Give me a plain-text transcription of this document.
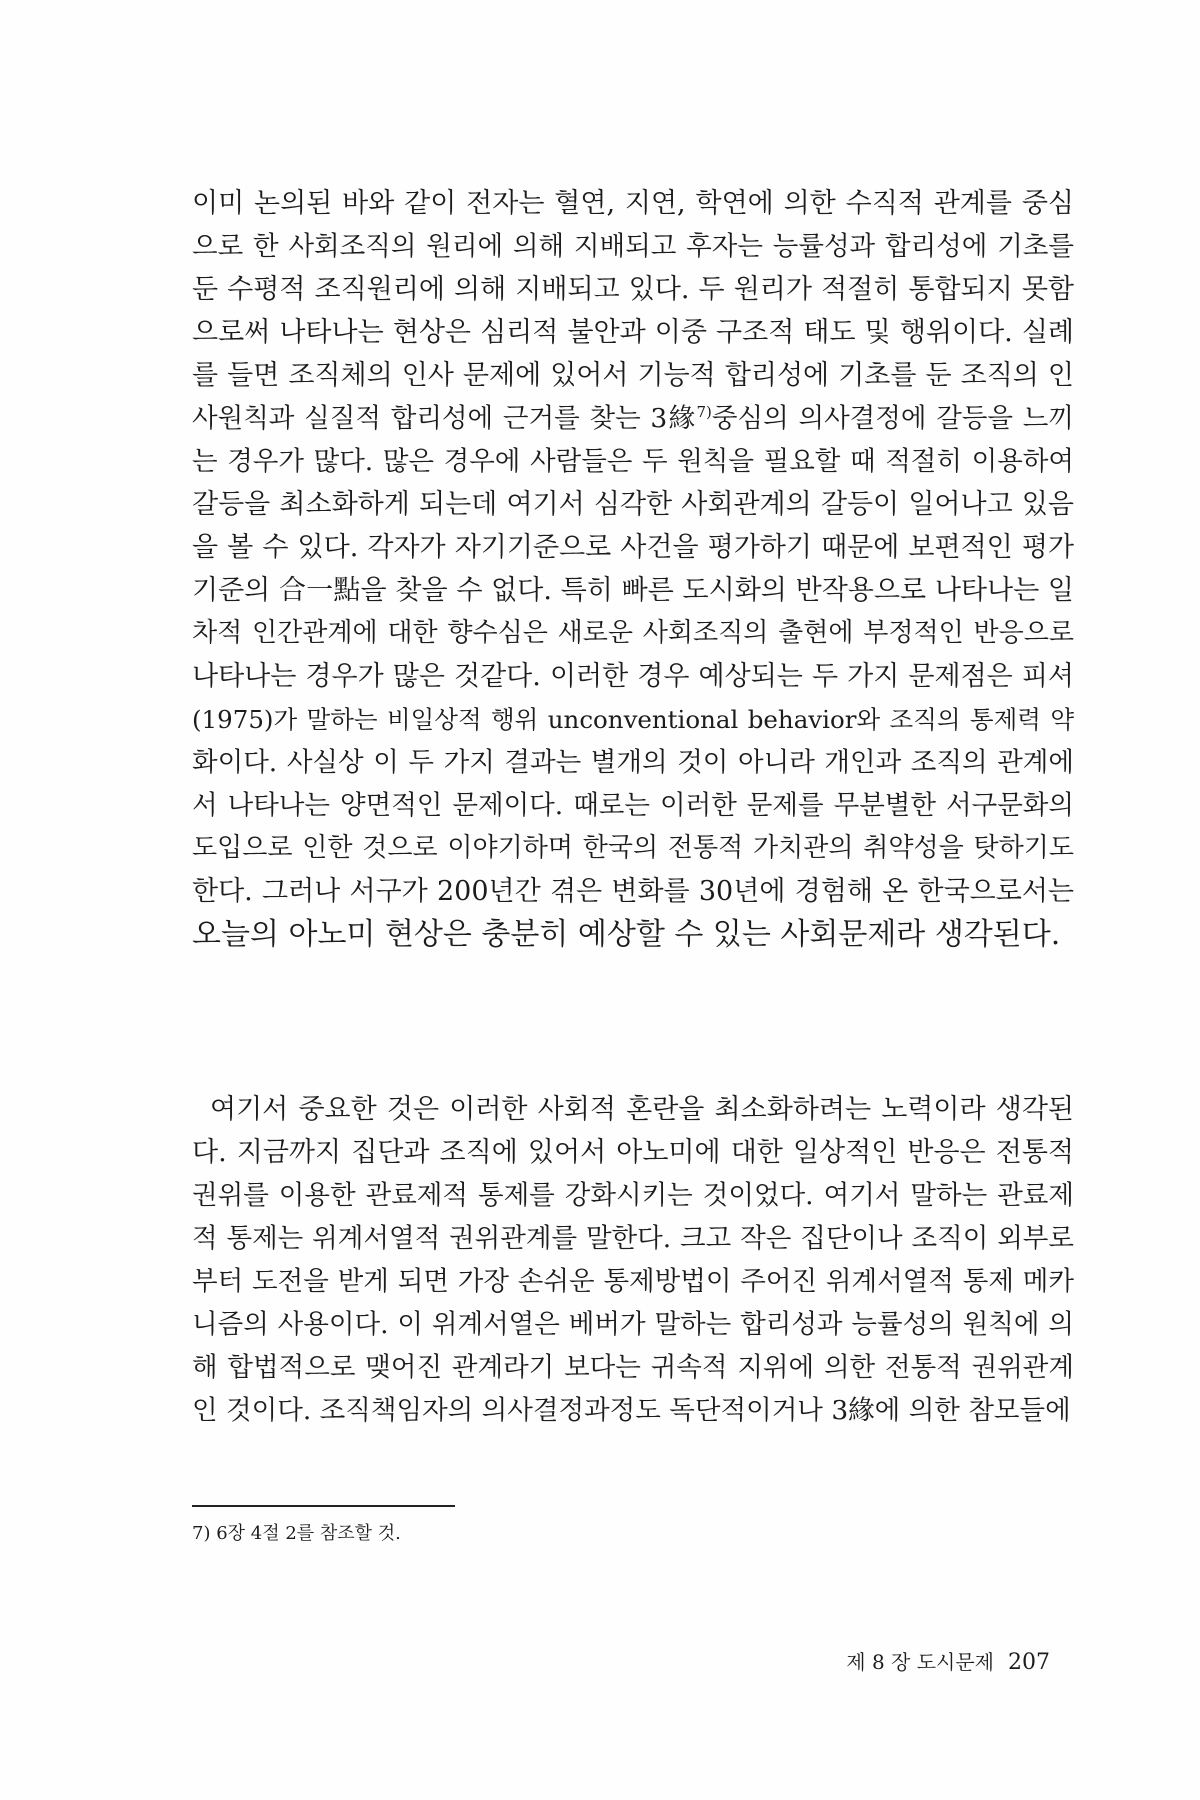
이미 논의된 바와 같이 전자는 혈연, 지연, 학연에 의한 수직적 관계를 중심
으로 한 사회조직의 원리에 의해 지배되고 후자는 능률성과 합리성에 기초를
둔 수평적 조직원리에 의해 지배되고 있다. 두 원리가 적절히 통합되지 못함
으로써 나타나는 현상은 심리적 불안과 이중 구조적 태도 및 행위이다. 실례
를 들면 조직체의 인사 문제에 있어서 기능적 합리성에 기초를 둔 조직의 인
사원칙과 실질적 합리성에 근거를 찾는 3緣$^{7)}$중심의 의사결정에 갈등을 느끼
는 경우가 많다. 많은 경우에 사람들은 두 원칙을 필요할 때 적절히 이용하여
갈등을 최소화하게 되는데 여기서 심각한 사회관계의 갈등이 일어나고 있음
을 볼 수 있다. 각자가 자기기준으로 사건을 평가하기 때문에 보편적인 평가
기준의 合一點을 찾을 수 없다. 특히 빠른 도시화의 반작용으로 나타나는 일
차적 인간관계에 대한 향수심은 새로운 사회조직의 출현에 부정적인 반응으로
나타나는 경우가 많은 것같다. 이러한 경우 예상되는 두 가지 문제점은 피셔
(1975)가 말하는 비일상적 행위 unconventional behavior와 조직의 통제력 약
화이다. 사실상 이 두 가지 결과는 별개의 것이 아니라 개인과 조직의 관계에
서 나타나는 양면적인 문제이다. 때로는 이러한 문제를 무분별한 서구문화의
도입으로 인한 것으로 이야기하며 한국의 전통적 가치관의 취약성을 탓하기도
한다. 그러나 서구가 200년간 겪은 변화를 30년에 경험해 온 한국으로서는
오늘의 아노미 현상은 충분히 예상할 수 있는 사회문제라 생각된다.
여기서 중요한 것은 이러한 사회적 혼란을 최소화하려는 노력이라 생각된
다. 지금까지 집단과 조직에 있어서 아노미에 대한 일상적인 반응은 전통적
권위를 이용한 관료제적 통제를 강화시키는 것이었다. 여기서 말하는 관료제
적 통제는 위계서열적 권위관계를 말한다. 크고 작은 집단이나 조직이 외부로
부터 도전을 받게 되면 가장 손쉬운 통제방법이 주어진 위계서열적 통제 메카
니즘의 사용이다. 이 위계서열은 베버가 말하는 합리성과 능률성의 원칙에 의
해 합법적으로 맺어진 관계라기 보다는 귀속적 지위에 의한 전통적 권위관계
인 것이다. 조직책임자의 의사결정과정도 독단적이거나 3緣에 의한 참모들에
7) 6장 4절 2를 참조할 것.
제 8 장 도시문제 207
